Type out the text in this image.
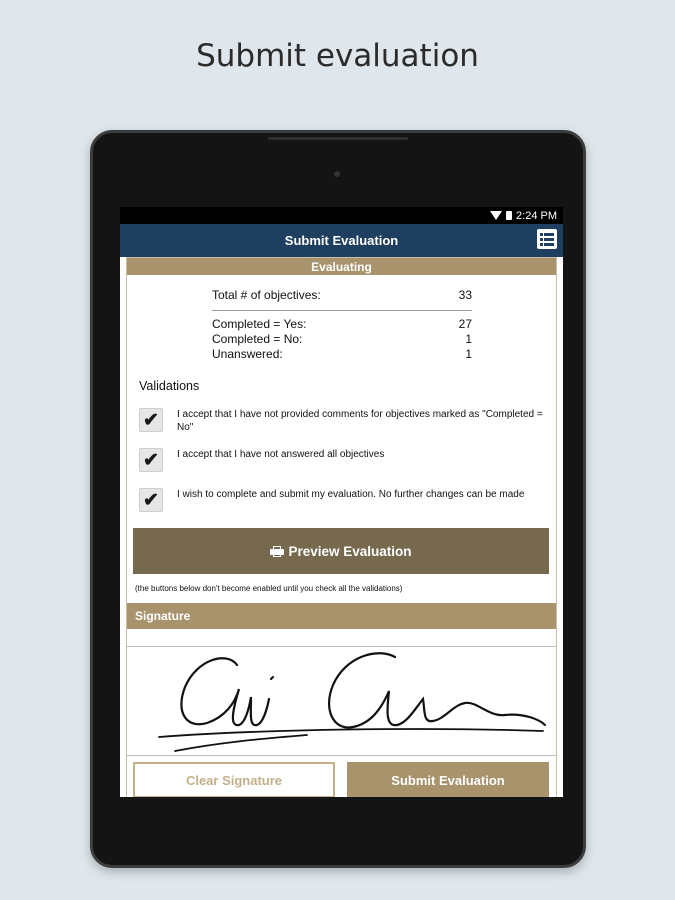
Submit evaluation
2:24 PM
Submit Evaluation
Evaluating
Total # of objectives:	33
Completed = Yes:	27
Completed = No:	1
Unanswered:	1
Validations
✔ I accept that I have not provided comments for objectives marked as "Completed = No"
✔ I accept that I have not answered all objectives
✔ I wish to complete and submit my evaluation. No further changes can be made
Preview Evaluation
(the buttons below don't become enabled until you check all the validations)
Signature
Clear Signature	Submit Evaluation
